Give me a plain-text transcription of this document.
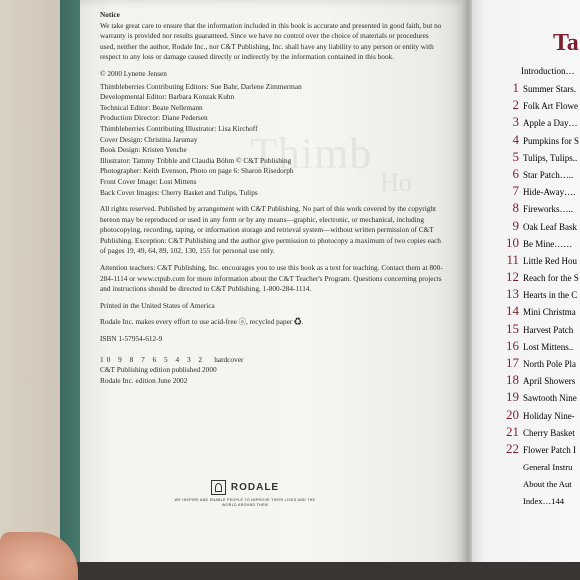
Thimb
Ho

Notice

We take great care to ensure that the information included in this book is accurate and presented in good faith, but no warranty is provided nor results guaranteed. Since we have no control over the choice of materials or procedures used, neither the author, Rodale Inc., nor C&T Publishing, Inc. shall have any liability to any person or entity with respect to any loss or damage caused directly or indirectly by the information contained in this book.

© 2000 Lynette Jensen

Thimbleberries Contributing Editors: Sue Bahr, Darlene Zimmerman
Developmental Editor: Barbara Konzak Kuhn
Technical Editor: Beate Nellemann
Production Director: Diane Pedersen
Thimbleberries Contributing Illustrator: Lisa Kirchoff
Cover Design: Christina Jarumay
Book Design: Kristen Yenche
Illustrator: Tammy Tribble and Claudia Böhm © C&T Publishing
Photographer: Keith Evenson, Photo on page 6: Sharon Risedorph
Front Cover Image: Lost Mittens
Back Cover Images: Cherry Basket and Tulips, Tulips

All rights reserved. Published by arrangement with C&T Publishing. No part of this work covered by the copyright hereon may be reproduced or used in any form or by any means—graphic, electronic, or mechanical, including photocopying, recording, taping, or information storage and retrieval system—without written permission of C&T Publishing. Exception: C&T Publishing and the author give permission to photocopy a maximum of two copies each of pages 19, 49, 64, 89, 102, 130, 155 for personal use only.

Attention teachers: C&T Publishing, Inc. encourages you to use this book as a text for teaching. Contact them at 800-284-1114 or www.ctpub.com for more information about the C&T Teacher's Program. Questions concerning projects and instructions should be directed to C&T Publishing, 1-800-284-1114.

Printed in the United States of America

Rodale Inc. makes every effort to use acid-free ⓐ, recycled paper ♻.

ISBN 1-57954-612-9

10 9 8 7 6 5 4 3 2 hardcover
C&T Publishing edition published 2000
Rodale Inc. edition June 2002
RODALE
WE INSPIRE AND ENABLE PEOPLE TO IMPROVE THEIR LIVES AND THE WORLD AROUND THEM
Ta
Introduction…
1 Summer Stars.
2 Folk Art Flowe
3 Apple a Day…
4 Pumpkins for S
5 Tulips, Tulips..
6 Star Patch…..
7 Hide-Away….
8 Fireworks…..
9 Oak Leaf Bask
10 Be Mine……
11 Little Red Hou
12 Reach for the S
13 Hearts in the C
14 Mini Christma
15 Harvest Patch
16 Lost Mittens..
17 North Pole Pla
18 April Showers
19 Sawtooth Nine
20 Holiday Nine-
21 Cherry Basket
22 Flower Patch I
General Instru
About the Aut
Index…144
